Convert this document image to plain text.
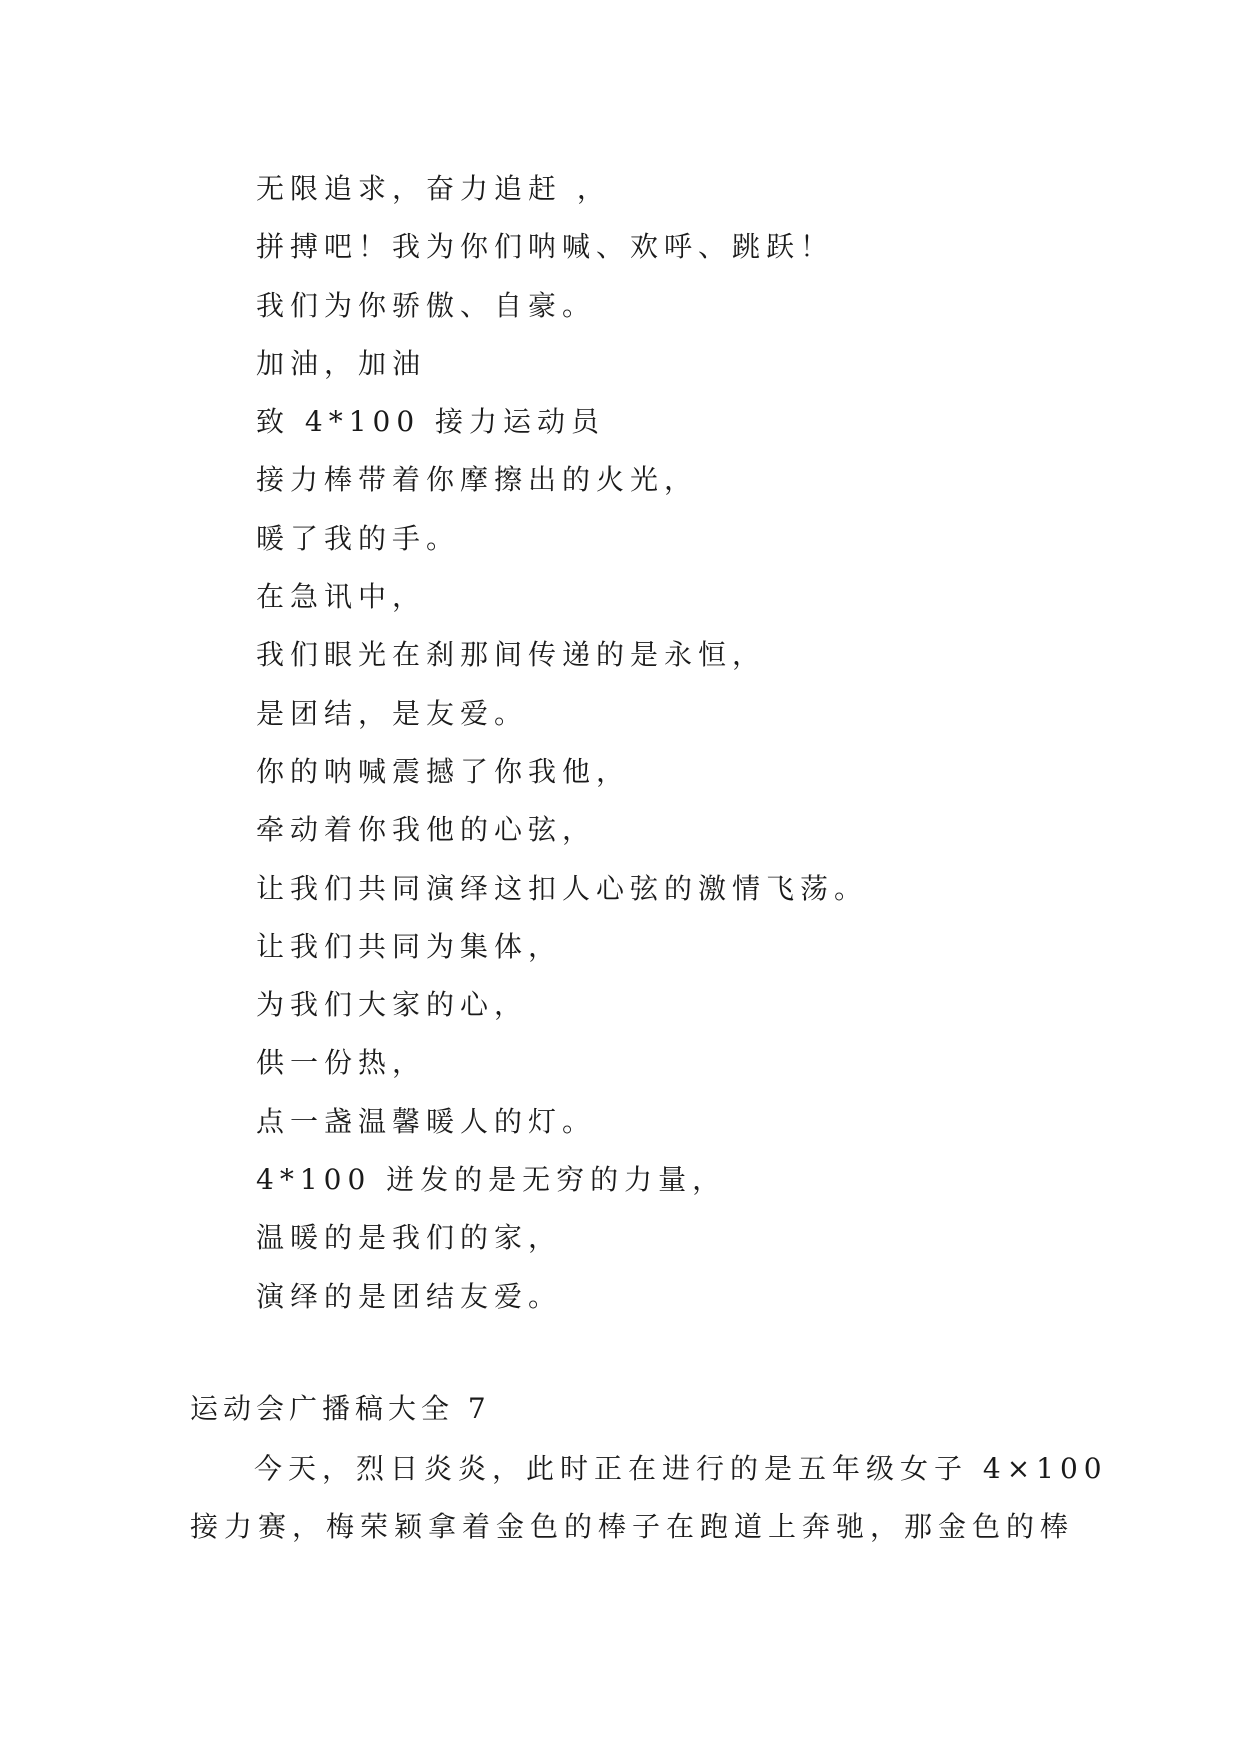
无限追求，奋力追赶 ，
拼搏吧！我为你们呐喊、欢呼、跳跃！
我们为你骄傲、自豪。
加油，加油
致 4*100 接力运动员
接力棒带着你摩擦出的火光，
暖了我的手。
在急讯中，
我们眼光在刹那间传递的是永恒，
是团结，是友爱。
你的呐喊震撼了你我他，
牵动着你我他的心弦，
让我们共同演绎这扣人心弦的激情飞荡。
让我们共同为集体，
为我们大家的心，
供一份热，
点一盏温馨暖人的灯。
4*100 迸发的是无穷的力量，
温暖的是我们的家，
演绎的是团结友爱。
运动会广播稿大全 7

今天，烈日炎炎，此时正在进行的是五年级女子 4×100
接力赛，梅荣颖拿着金色的棒子在跑道上奔驰，那金色的棒
